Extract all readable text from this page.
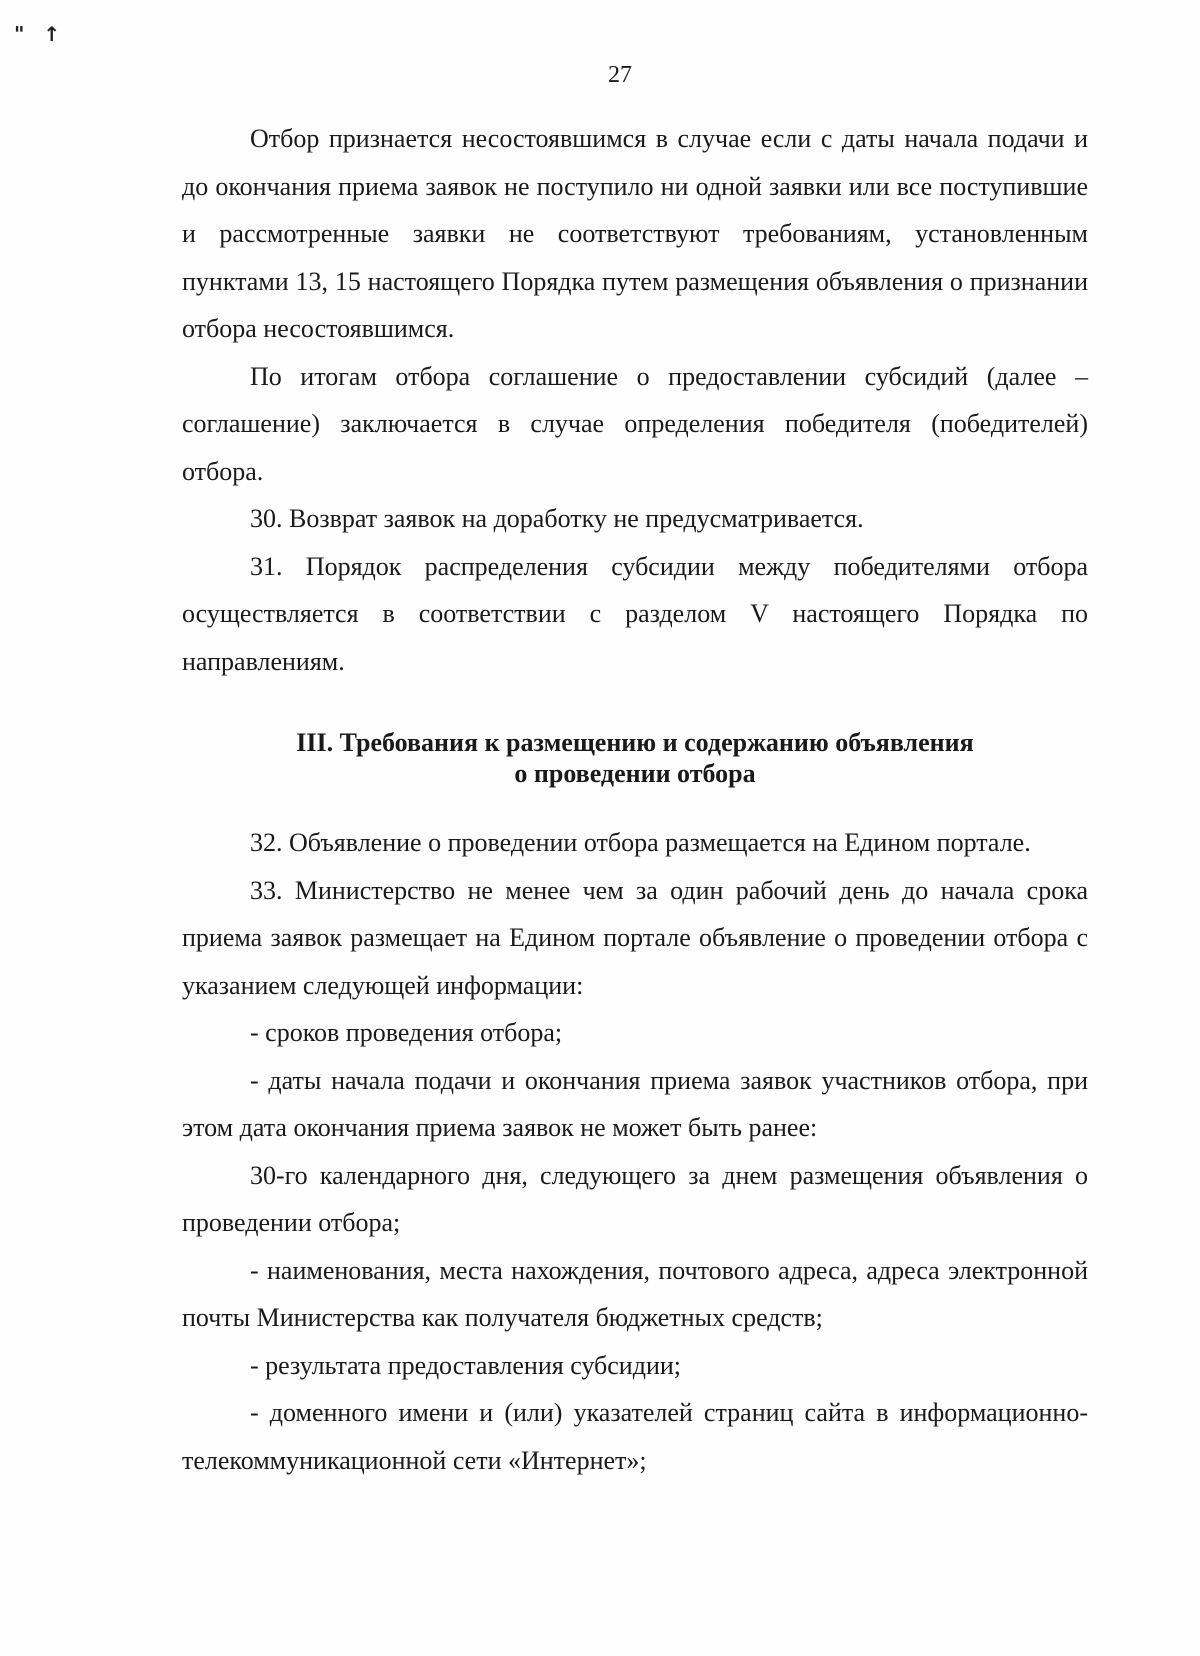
" ↑
27

Отбор признается несостоявшимся в случае если с даты начала подачи и до окончания приема заявок не поступило ни одной заявки или все поступившие и рассмотренные заявки не соответствуют требованиям, установленным пунктами 13, 15 настоящего Порядка путем размещения объявления о признании отбора несостоявшимся.

По итогам отбора соглашение о предоставлении субсидий (далее – соглашение) заключается в случае определения победителя (победителей) отбора.

30. Возврат заявок на доработку не предусматривается.

31. Порядок распределения субсидии между победителями отбора осуществляется в соответствии с разделом V настоящего Порядка по направлениям.

III. Требования к размещению и содержанию объявления
о проведении отбора

32. Объявление о проведении отбора размещается на Едином портале.

33. Министерство не менее чем за один рабочий день до начала срока приема заявок размещает на Едином портале объявление о проведении отбора с указанием следующей информации:

- сроков проведения отбора;

- даты начала подачи и окончания приема заявок участников отбора, при этом дата окончания приема заявок не может быть ранее:

30-го календарного дня, следующего за днем размещения объявления о проведении отбора;

- наименования, места нахождения, почтового адреса, адреса электронной почты Министерства как получателя бюджетных средств;

- результата предоставления субсидии;

- доменного имени и (или) указателей страниц сайта в информационно-телекоммуникационной сети «Интернет»;
